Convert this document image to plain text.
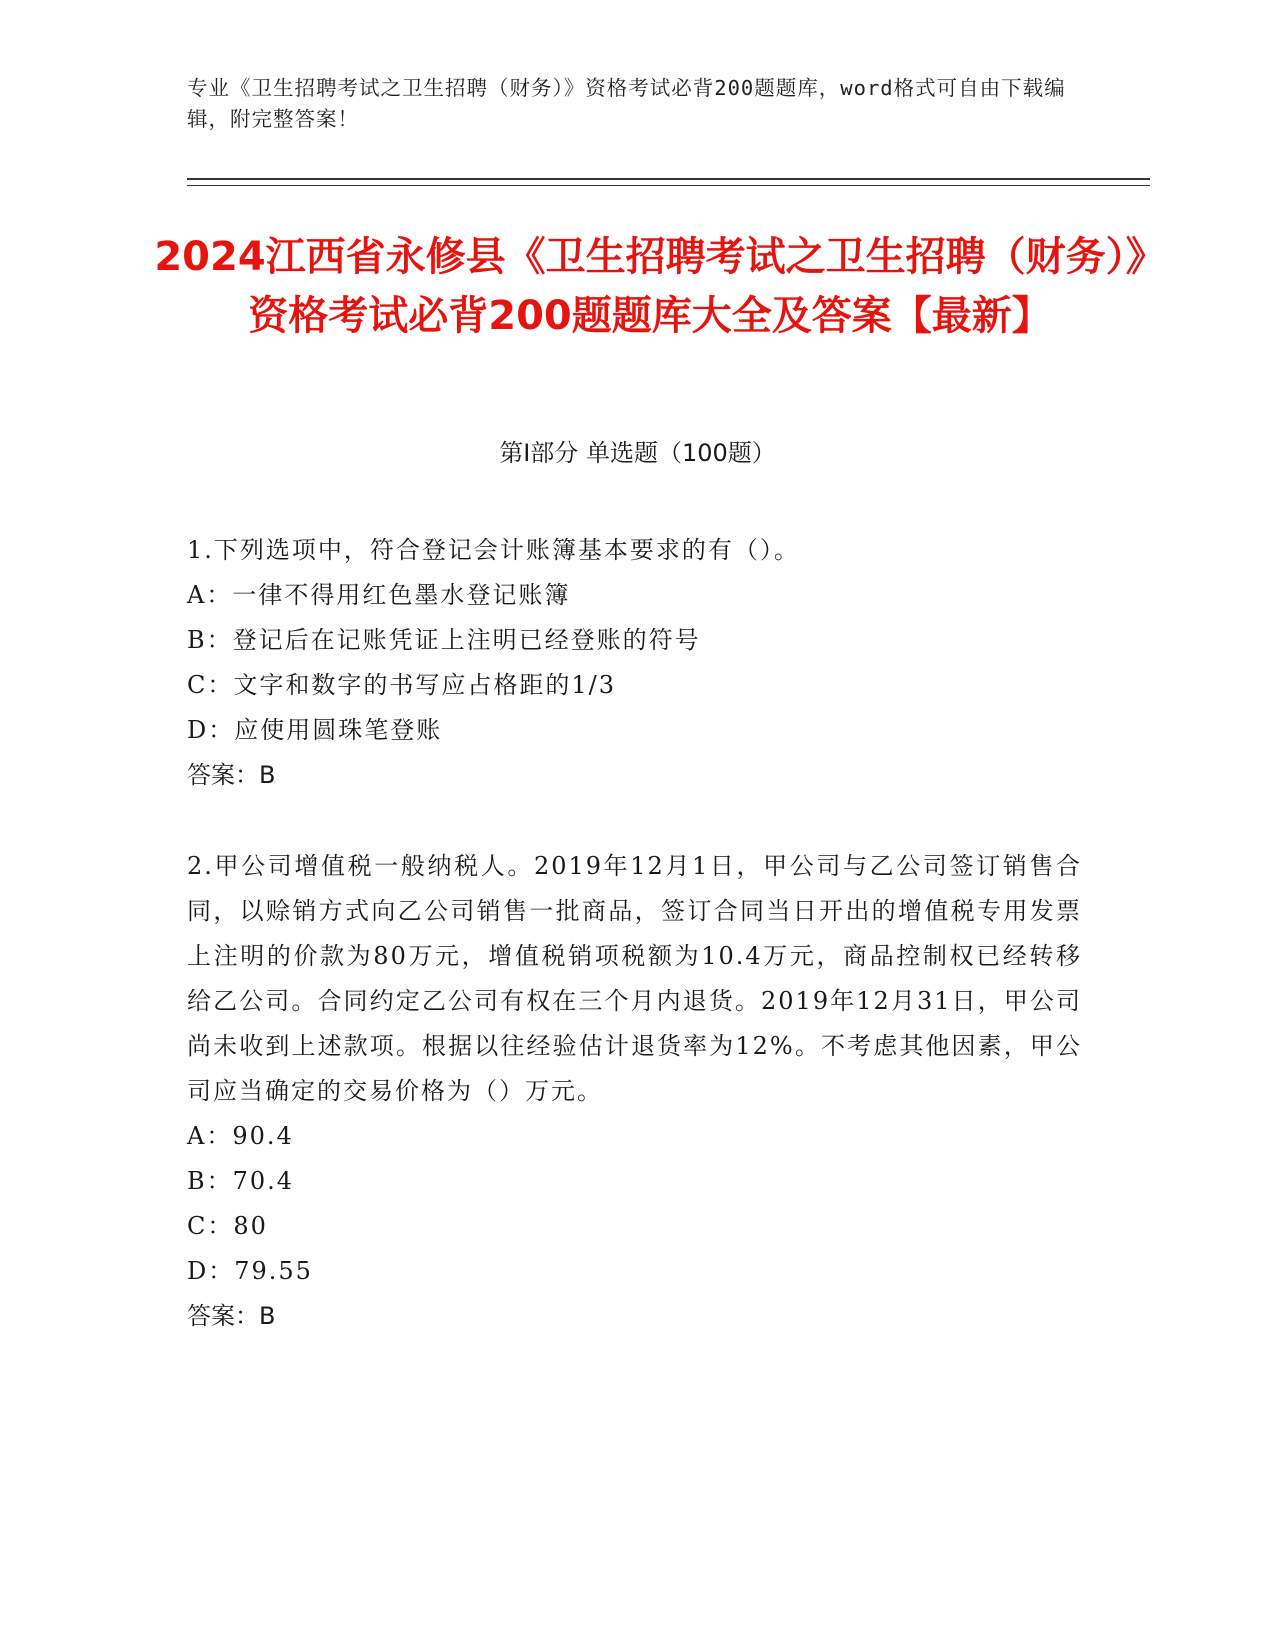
专业《卫生招聘考试之卫生招聘（财务）》资格考试必背200题题库，word格式可自由下载编辑，附完整答案！
2024江西省永修县《卫生招聘考试之卫生招聘（财务）》资格考试必背200题题库大全及答案【最新】
第I部分 单选题（100题）
1.下列选项中，符合登记会计账簿基本要求的有（）。
A：一律不得用红色墨水登记账簿
B：登记后在记账凭证上注明已经登账的符号
C：文字和数字的书写应占格距的1/3
D：应使用圆珠笔登账
答案：B
2.甲公司增值税一般纳税人。2019年12月1日，甲公司与乙公司签订销售合同，以赊销方式向乙公司销售一批商品，签订合同当日开出的增值税专用发票上注明的价款为80万元，增值税销项税额为10.4万元，商品控制权已经转移给乙公司。合同约定乙公司有权在三个月内退货。2019年12月31日，甲公司尚未收到上述款项。根据以往经验估计退货率为12%。不考虑其他因素，甲公司应当确定的交易价格为（）万元。
A：90.4
B：70.4
C：80
D：79.55
答案：B
